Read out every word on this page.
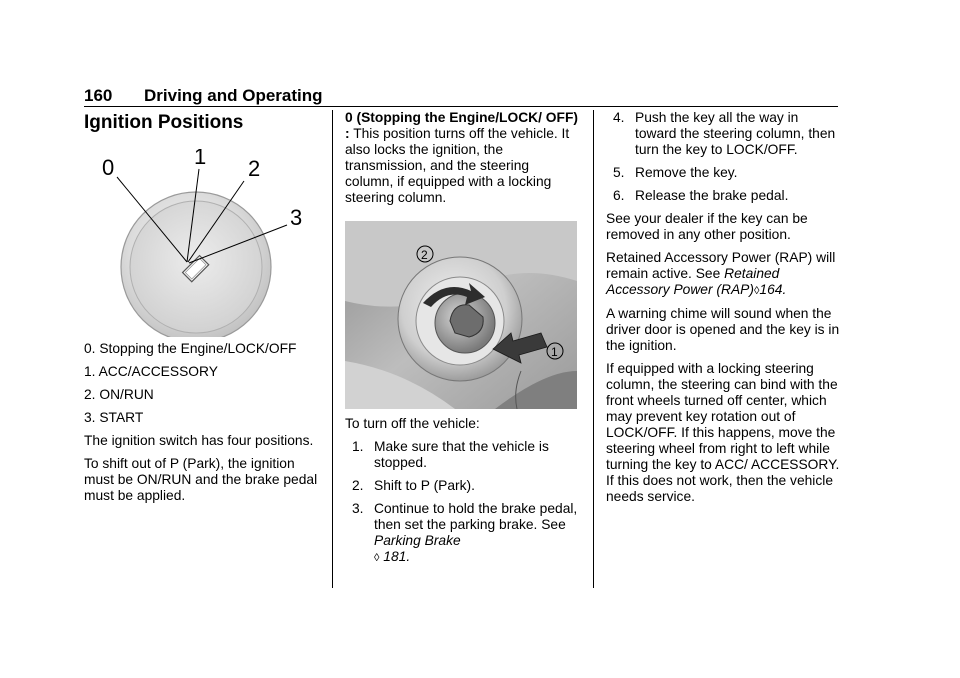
160 Driving and Operating
Ignition Positions
0	1 2
3

0. Stopping the Engine/LOCK/OFF

1. ACC/ACCESSORY

2. ON/RUN

3. START

The ignition switch has four positions.

To shift out of P (Park), the ignition must be ON/RUN and the brake pedal must be applied.

0 (Stopping the Engine/LOCK/ OFF) : This position turns off the vehicle. It also locks the ignition, the transmission, and the steering column, if equipped with a locking steering column.

2
1

To turn off the vehicle:

1. Make sure that the vehicle is stopped.
2. Shift to P (Park).
3. Continue to hold the brake pedal, then set the parking brake. See Parking Brake
◊ 181.
4. Push the key all the way in toward the steering column, then turn the key to LOCK/OFF.
5. Remove the key.
6. Release the brake pedal.

See your dealer if the key can be removed in any other position.

Retained Accessory Power (RAP) will remain active. See Retained Accessory Power (RAP)◊164.

A warning chime will sound when the driver door is opened and the key is in the ignition.

If equipped with a locking steering column, the steering can bind with the front wheels turned off center, which may prevent key rotation out of LOCK/OFF. If this happens, move the steering wheel from right to left while turning the key to ACC/ ACCESSORY. If this does not work, then the vehicle needs service.
